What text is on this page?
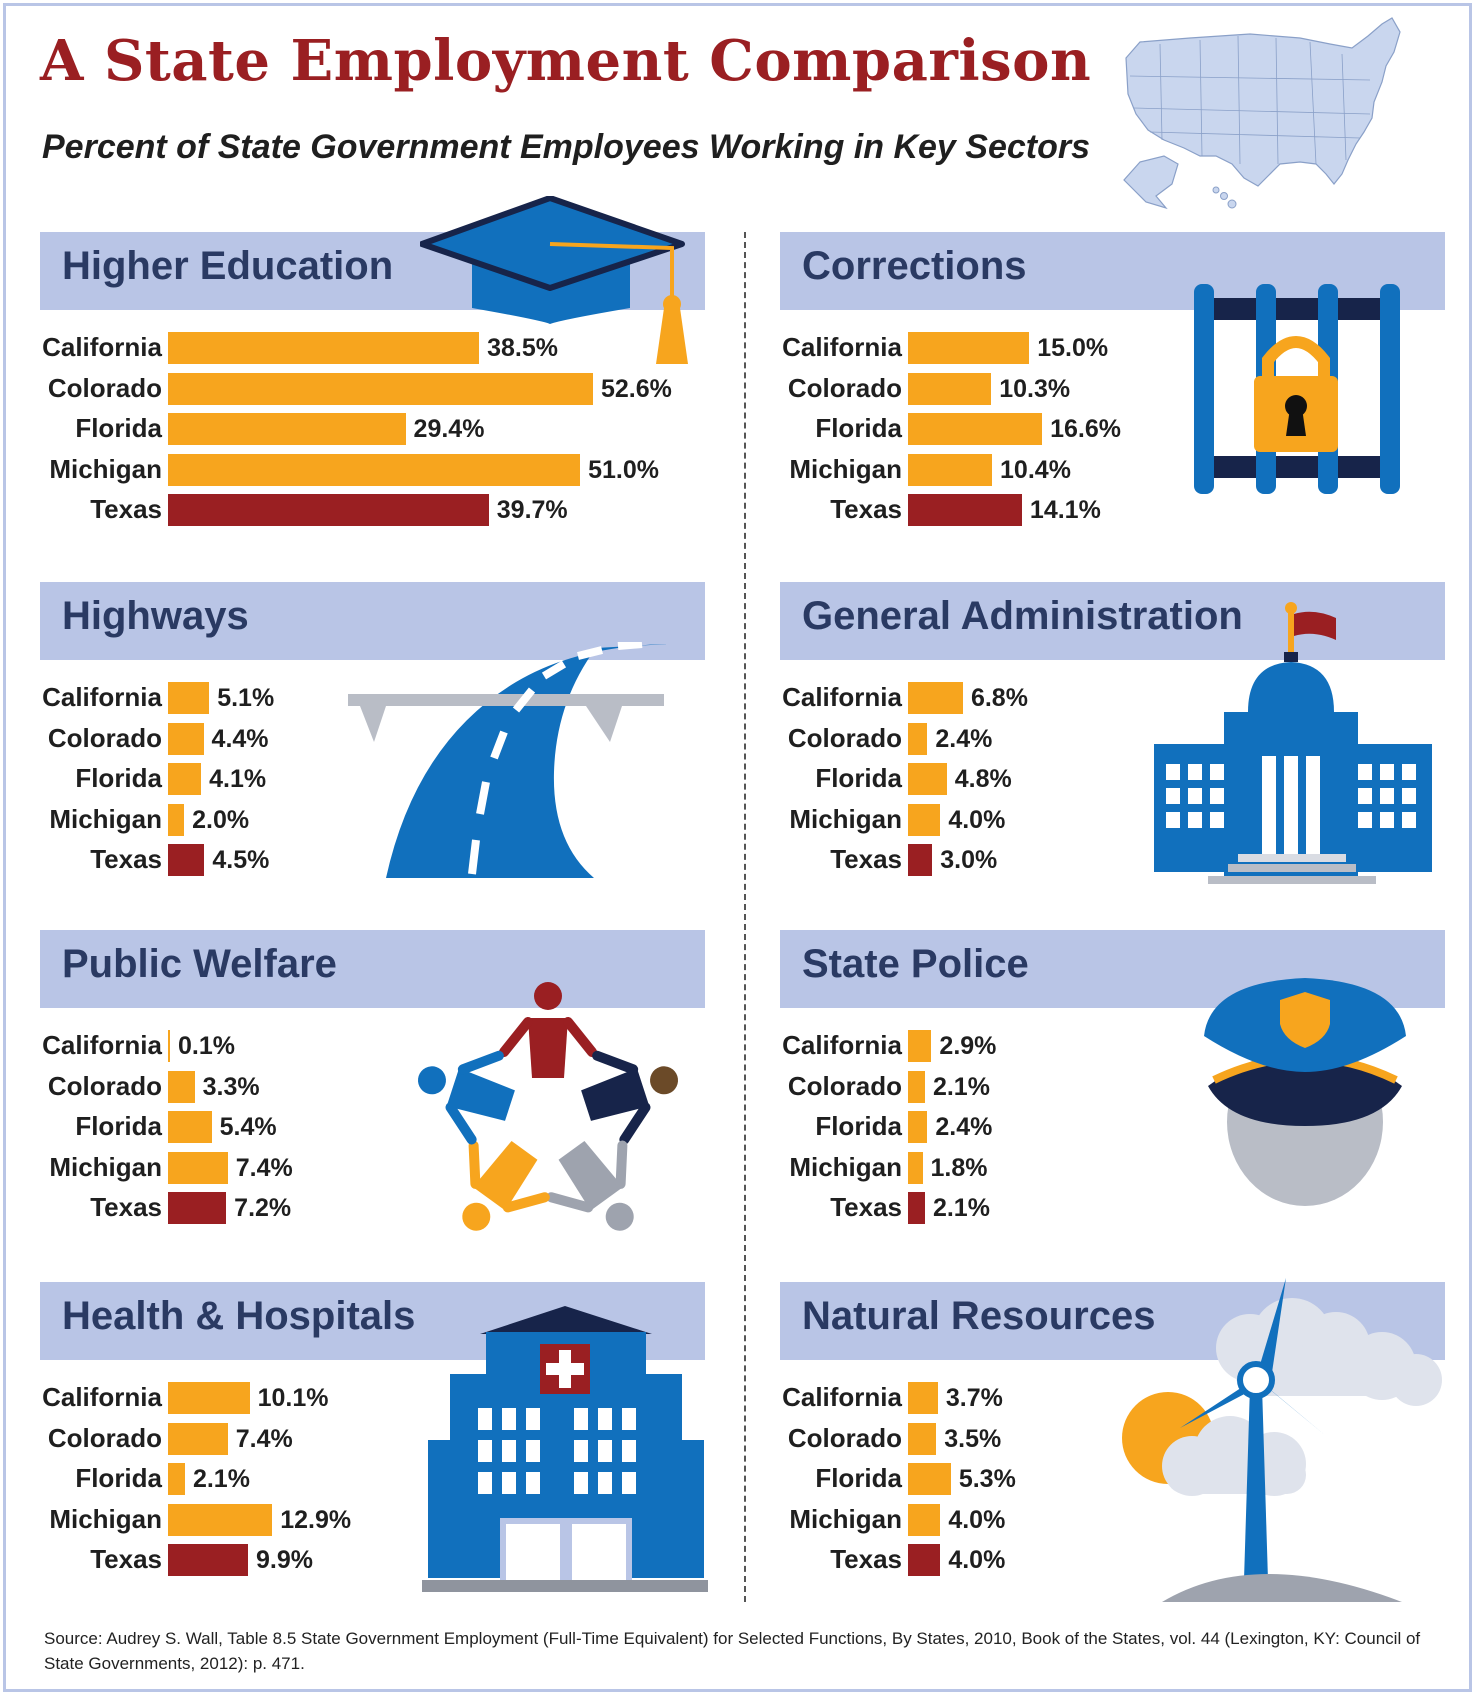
A State Employment Comparison
Percent of State Government Employees Working in Key Sectors
Higher Education
California	38.5%
Colorado	52.6%
Florida	29.4%
Michigan	51.0%
Texas	39.7%
Corrections
California	15.0%
Colorado	10.3%
Florida	16.6%
Michigan	10.4%
Texas	14.1%
Highways
California 5.1%
Colorado 4.4%
Florida 4.1%
Michigan 2.0%
Texas 4.5%
General Administration
California	6.8%
Colorado 2.4%
Florida 4.8%
Michigan 4.0%
Texas 3.0%
Public Welfare
California 0.1%
Colorado 3.3%
Florida 5.4%
Michigan	7.4%
Texas	7.2%
State Police
California 2.9%
Colorado 2.1%
Florida 2.4%
Michigan 1.8%
Texas 2.1%
Health & Hospitals
California	10.1%
Colorado	7.4%
Florida 2.1%
Michigan	12.9%
Texas	9.9%
Natural Resources
California 3.7%
Colorado 3.5%
Florida 5.3%
Michigan 4.0%
Texas 4.0%

Source: Audrey S. Wall, Table 8.5 State Government Employment (Full-Time Equivalent) for Selected Functions, By States, 2010, Book of the States, vol. 44 (Lexington, KY: Council of State Governments, 2012): p. 471.
